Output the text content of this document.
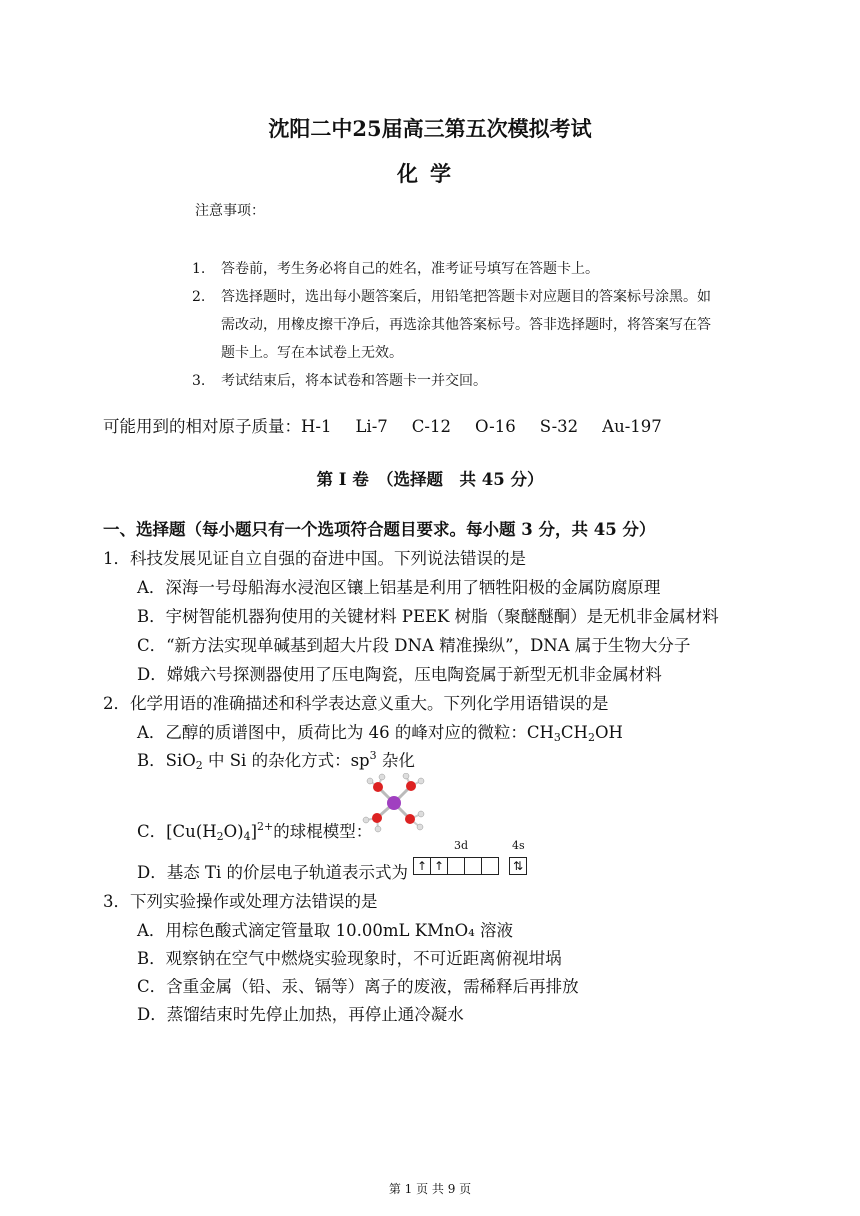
沈阳二中25届高三第五次模拟考试
化学
注意事项：
1. 答卷前，考生务必将自己的姓名，准考证号填写在答题卡上。
2. 答选择题时，选出每小题答案后，用铅笔把答题卡对应题目的答案标号涂黑。如
需改动，用橡皮擦干净后，再选涂其他答案标号。答非选择题时，将答案写在答
题卡上。写在本试卷上无效。
3. 考试结束后，将本试卷和答题卡一并交回。
可能用到的相对原子质量：H-1 Li-7 C-12 O-16 S-32 Au-197
第 I 卷　（选择题　共 45 分）
一、选择题（每小题只有一个选项符合题目要求。每小题 3 分，共 45 分）
1．科技发展见证自立自强的奋进中国。下列说法错误的是
A．深海一号母船海水浸泡区镶上铝基是利用了牺牲阳极的金属防腐原理
B．宇树智能机器狗使用的关键材料 PEEK 树脂（聚醚醚酮）是无机非金属材料
C．“新方法实现单碱基到超大片段 DNA 精准操纵”，DNA 属于生物大分子
D．嫦娥六号探测器使用了压电陶瓷，压电陶瓷属于新型无机非金属材料
2．化学用语的准确描述和科学表达意义重大。下列化学用语错误的是
A．乙醇的质谱图中，质荷比为 46 的峰对应的微粒：$CH_3CH_2OH$
B．SiO$_2$ 中 Si 的杂化方式：$sp^3$ 杂化
C．$[Cu(H_2O)_4]^{2+}$的球棍模型：
D．基态 Ti 的价层电子轨道表示式为
3d	4s
↑ ↑	⇅
3．下列实验操作或处理方法错误的是
A．用棕色酸式滴定管量取 10.00mL KMnO₄ 溶液
B．观察钠在空气中燃烧实验现象时，不可近距离俯视坩埚
C．含重金属（铅、汞、镉等）离子的废液，需稀释后再排放
D．蒸馏结束时先停止加热，再停止通冷凝水
第 1 页 共 9 页
